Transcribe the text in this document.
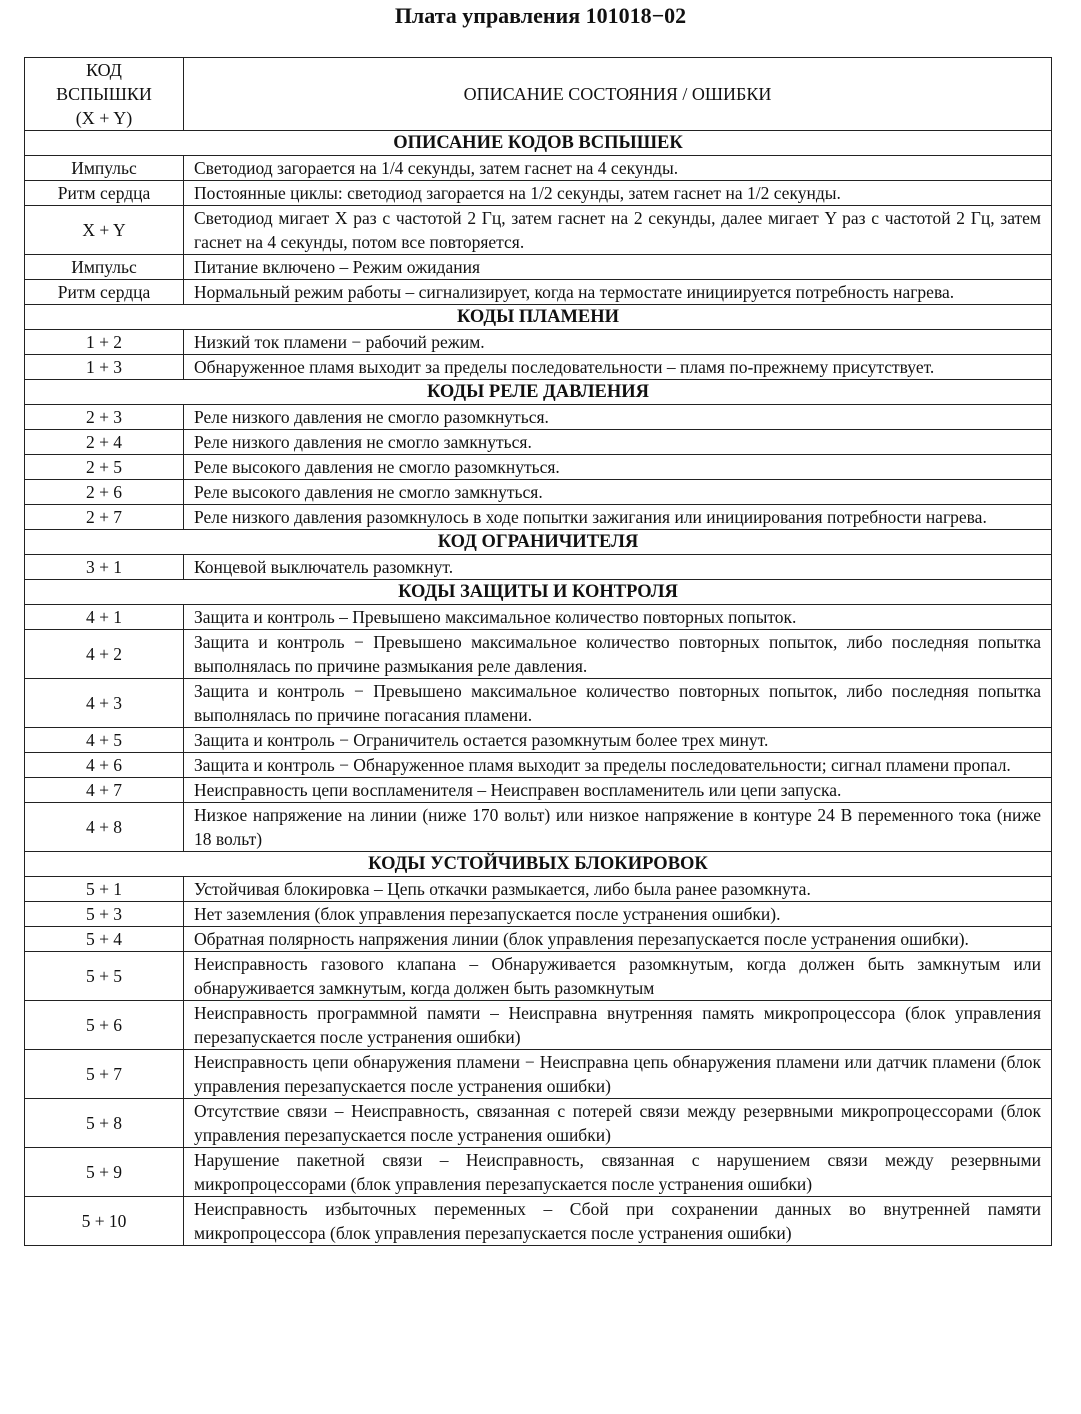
Плата управления 101018−02
КОД
ВСПЫШКИ
(X + Y)	ОПИСАНИЕ СОСТОЯНИЯ / ОШИБКИ
ОПИСАНИЕ КОДОВ ВСПЫШЕК	
Импульс	Светодиод загорается на 1/4 секунды, затем гаснет на 4 секунды.
Ритм сердца	Постоянные циклы: светодиод загорается на 1/2 секунды, затем гаснет на 1/2 секунды.
X + Y	Светодиод мигает X раз с частотой 2 Гц, затем гаснет на 2 секунды, далее мигает Y раз с частотой 2 Гц, затем гаснет на 4 секунды, потом все повторяется.
Импульс	Питание включено – Режим ожидания
Ритм сердца	Нормальный режим работы – сигнализирует, когда на термостате инициируется потребность нагрева.
КОДЫ ПЛАМЕНИ	
1 + 2	Низкий ток пламени − рабочий режим.
1 + 3	Обнаруженное пламя выходит за пределы последовательности – пламя по-прежнему присутствует.
КОДЫ РЕЛЕ ДАВЛЕНИЯ	
2 + 3	Реле низкого давления не смогло разомкнуться.
2 + 4	Реле низкого давления не смогло замкнуться.
2 + 5	Реле высокого давления не смогло разомкнуться.
2 + 6	Реле высокого давления не смогло замкнуться.
2 + 7	Реле низкого давления разомкнулось в ходе попытки зажигания или инициирования потребности нагрева.
КОД ОГРАНИЧИТЕЛЯ	
3 + 1	Концевой выключатель разомкнут.
КОДЫ ЗАЩИТЫ И КОНТРОЛЯ	
4 + 1	Защита и контроль – Превышено максимальное количество повторных попыток.
4 + 2	Защита и контроль − Превышено максимальное количество повторных попыток, либо последняя попытка выполнялась по причине размыкания реле давления.
4 + 3	Защита и контроль − Превышено максимальное количество повторных попыток, либо последняя попытка выполнялась по причине погасания пламени.
4 + 5	Защита и контроль − Ограничитель остается разомкнутым более трех минут.
4 + 6	Защита и контроль − Обнаруженное пламя выходит за пределы последовательности; сигнал пламени пропал.
4 + 7	Неисправность цепи воспламенителя – Неисправен воспламенитель или цепи запуска.
4 + 8	Низкое напряжение на линии (ниже 170 вольт) или низкое напряжение в контуре 24 В переменного тока (ниже 18 вольт)
КОДЫ УСТОЙЧИВЫХ БЛОКИРОВОК	
5 + 1	Устойчивая блокировка – Цепь откачки размыкается, либо была ранее разомкнута.
5 + 3	Нет заземления (блок управления перезапускается после устранения ошибки).
5 + 4	Обратная полярность напряжения линии (блок управления перезапускается после устранения ошибки).
5 + 5	Неисправность газового клапана – Обнаруживается разомкнутым, когда должен быть замкнутым или обнаруживается замкнутым, когда должен быть разомкнутым
5 + 6	Неисправность программной памяти – Неисправна внутренняя память микропроцессора (блок управления перезапускается после устранения ошибки)
5 + 7	Неисправность цепи обнаружения пламени − Неисправна цепь обнаружения пламени или датчик пламени (блок управления перезапускается после устранения ошибки)
5 + 8	Отсутствие связи – Неисправность, связанная с потерей связи между резервными микропроцессорами (блок управления перезапускается после устранения ошибки)
5 + 9	Нарушение пакетной связи – Неисправность, связанная с нарушением связи между резервными микропроцессорами (блок управления перезапускается после устранения ошибки)
5 + 10	Неисправность избыточных переменных – Сбой при сохранении данных во внутренней памяти микропроцессора (блок управления перезапускается после устранения ошибки)
